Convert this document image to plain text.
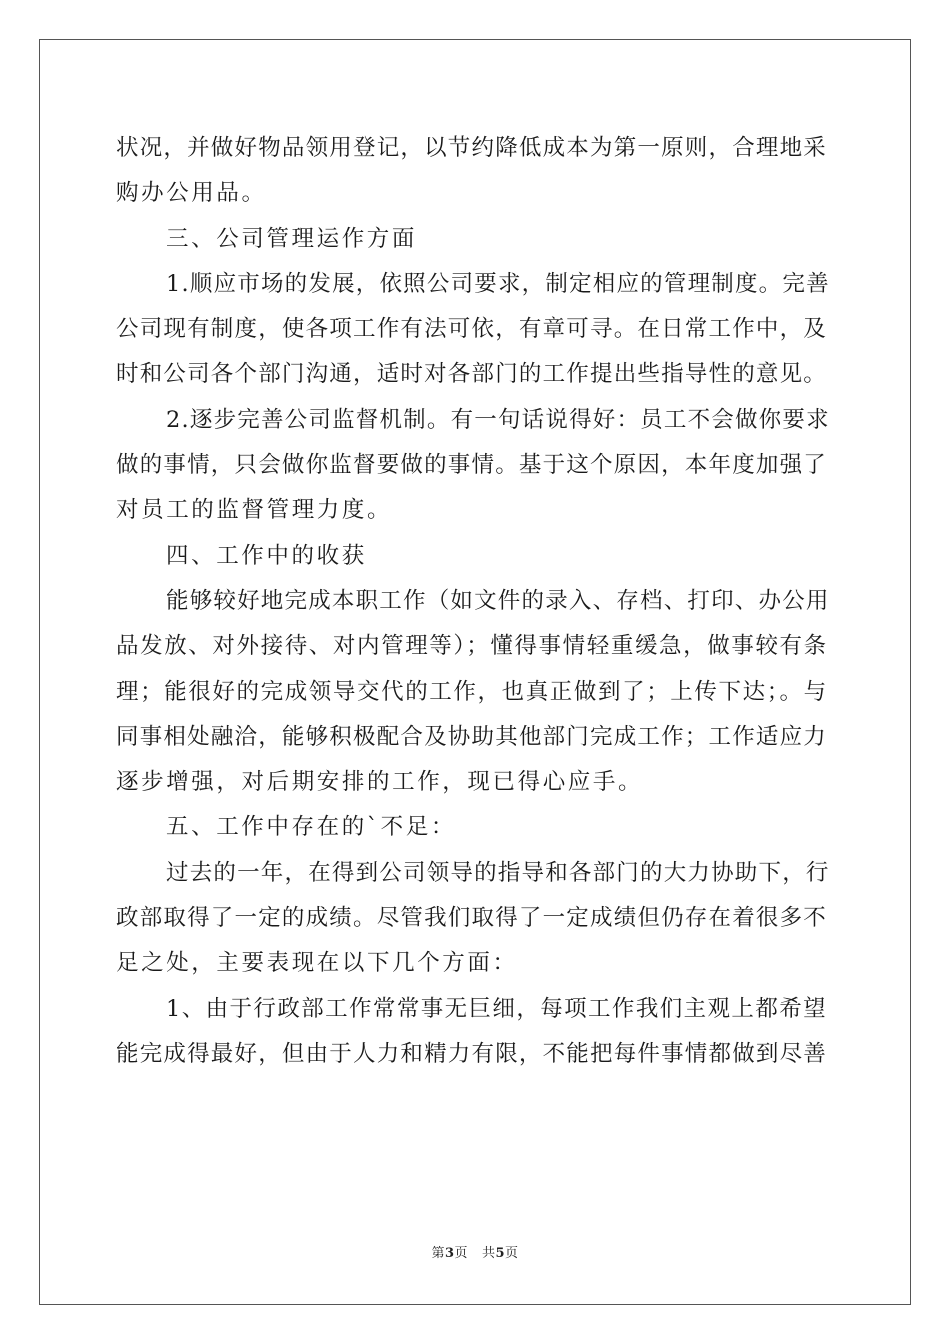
状况，并做好物品领用登记，以节约降低成本为第一原则，合理地采
购办公用品。
三、公司管理运作方面
1.顺应市场的发展，依照公司要求，制定相应的管理制度。完善
公司现有制度，使各项工作有法可依，有章可寻。在日常工作中，及
时和公司各个部门沟通，适时对各部门的工作提出些指导性的意见。
2.逐步完善公司监督机制。有一句话说得好：员工不会做你要求
做的事情，只会做你监督要做的事情。基于这个原因，本年度加强了
对员工的监督管理力度。
四、工作中的收获
能够较好地完成本职工作（如文件的录入、存档、打印、办公用
品发放、对外接待、对内管理等）；懂得事情轻重缓急，做事较有条
理；能很好的完成领导交代的工作，也真正做到了；上传下达；。与
同事相处融洽，能够积极配合及协助其他部门完成工作；工作适应力
逐步增强，对后期安排的工作，现已得心应手。
五、工作中存在的`不足：
过去的一年，在得到公司领导的指导和各部门的大力协助下，行
政部取得了一定的成绩。尽管我们取得了一定成绩但仍存在着很多不
足之处，主要表现在以下几个方面：
1、由于行政部工作常常事无巨细，每项工作我们主观上都希望
能完成得最好，但由于人力和精力有限，不能把每件事情都做到尽善
第3页 共5页
